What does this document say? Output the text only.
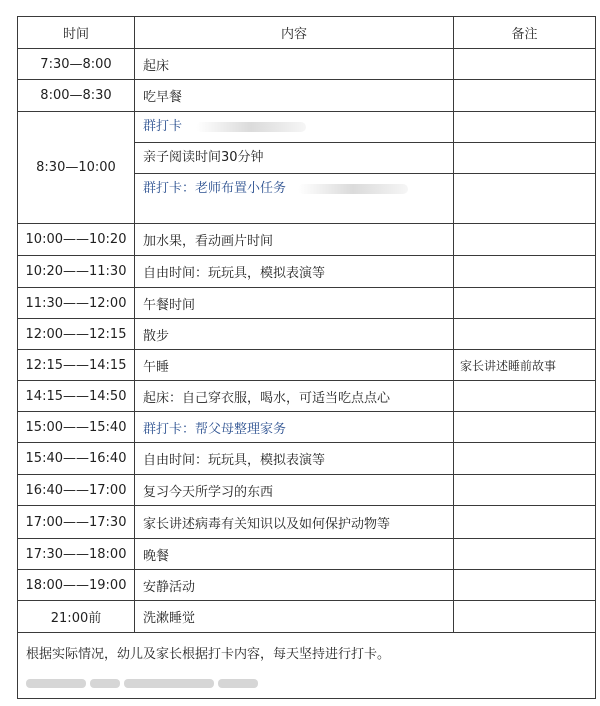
时间	内容	备注
7:30—8:00	起床	
8:00—8:30	吃早餐	
8:30—10:00	群打卡
亲子阅读时间30分钟
群打卡：老师布置小任务	

10:00——10:20	加水果，看动画片时间	
10:20——11:30	自由时间：玩玩具，模拟表演等	
11:30——12:00	午餐时间	
12:00——12:15	散步	
12:15——14:15	午睡	家长讲述睡前故事
14:15——14:50	起床：自己穿衣服，喝水，可适当吃点点心	
15:00——15:40	群打卡：帮父母整理家务	
15:40——16:40	自由时间：玩玩具，模拟表演等	
16:40——17:00	复习今天所学习的东西	
17:00——17:30	家长讲述病毒有关知识以及如何保护动物等	
17:30——18:00	晚餐	
18:00——19:00	安静活动	
21:00前	洗漱睡觉	

根据实际情况，幼儿及家长根据打卡内容，每天坚持进行打卡。		
